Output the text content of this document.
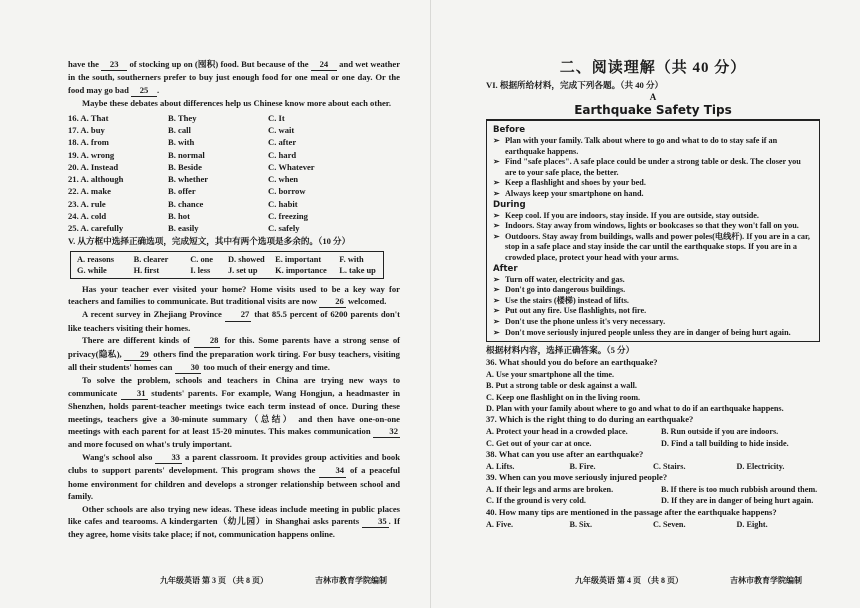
have the 23 of stocking up on (囤积) food. But because of the 24 and wet weather in the south, southerners prefer to buy just enough food for one meal or one day. Or the food may go bad 25 .

Maybe these debates about differences help us Chinese know more about each other.

16. A. That	B. They	C. It
17. A. buy	B. call	C. wait
18. A. from	B. with	C. after
19. A. wrong	B. normal	C. hard
20. A. Instead	B. Beside	C. Whatever
21. A. although	B. whether	C. when
22. A. make	B. offer	C. borrow
23. A. rule	B. chance	C. habit
24. A. cold	B. hot	C. freezing
25. A. carefully	B. easily	C. safely
V. 从方框中选择正确选项，完成短文，其中有两个选项是多余的。（10 分）
A. reasons	B. clearer	C. one	D. showed	E. important	F. with
G. while	H. first	I. less	J. set up	K. importance	L. take up

Has your teacher ever visited your home? Home visits used to be a key way for teachers and families to communicate. But traditional visits are now 26 welcomed.

A recent survey in Zhejiang Province 27 that 85.5 percent of 6200 parents don't like teachers visiting their homes.

There are different kinds of 28 for this. Some parents have a strong sense of privacy(隐私), 29 others find the preparation work tiring. For busy teachers, visiting all their students' homes can 30 too much of their energy and time.

To solve the problem, schools and teachers in China are trying new ways to communicate 31 students' parents. For example, Wang Hongjun, a headmaster in Shenzhen, holds parent-teacher meetings twice each term instead of once. During these meetings, teachers give a 30-minute summary（总结） and then have one-on-one meetings with each parent for at least 15-20 minutes. This makes communication 32 and more focused on what's truly important.

Wang's school also 33 a parent classroom. It provides group activities and book clubs to support parents' development. This program shows the 34 of a peaceful home environment for children and develops a stronger relationship between school and family.

Other schools are also trying new ideas. These ideas include meeting in public places like cafes and tearooms. A kindergarten（幼儿园）in Shanghai asks parents 35 . If they agree, home visits take place; if not, communication happens online.

九年级英语 第 3 页 （共 8 页）	吉林市教育学院编制
二、阅读理解（共 40 分）
VI. 根据所给材料，完成下列各题。（共 40 分）
A
Earthquake Safety Tips
Before
➢ Plan with your family. Talk about where to go and what to do to stay safe if an earthquake happens.
➢ Find "safe places". A safe place could be under a strong table or desk. The closer you are to your safe place, the better.
➢ Keep a flashlight and shoes by your bed.
➢ Always keep your smartphone on hand.
During
➢ Keep cool. If you are indoors, stay inside. If you are outside, stay outside.
➢ Indoors. Stay away from windows, lights or bookcases so that they won't fall on you.
➢ Outdoors. Stay away from buildings, walls and power poles(电线杆). If you are in a car, stop in a safe place and stay inside the car until the earthquake stops. If you are in a crowded place, protect your head with your arms.
After
➢ Turn off water, electricity and gas.
➢ Don't go into dangerous buildings.
➢ Use the stairs (楼梯) instead of lifts.
➢ Put out any fire. Use flashlights, not fire.
➢ Don't use the phone unless it's very necessary.
➢ Don't move seriously injured people unless they are in danger of being hurt again.
根据材料内容，选择正确答案。（5 分）
36. What should you do before an earthquake?
A. Use your smartphone all the time.
B. Put a strong table or desk against a wall.
C. Keep one flashlight on in the living room.
D. Plan with your family about where to go and what to do if an earthquake happens.
37. Which is the right thing to do during an earthquake?
A. Protect your head in a crowded place.	B. Run outside if you are indoors.
C. Get out of your car at once.	D. Find a tall building to hide inside.
38. What can you use after an earthquake?
A. Lifts.	B. Fire.	C. Stairs.	D. Electricity.
39. When can you move seriously injured people?
A. If their legs and arms are broken.	B. If there is too much rubbish around them.
C. If the ground is very cold.	D. If they are in danger of being hurt again.
40. How many tips are mentioned in the passage after the earthquake happens?
A. Five.	B. Six.	C. Seven.	D. Eight.
九年级英语 第 4 页 （共 8 页）	吉林市教育学院编制
